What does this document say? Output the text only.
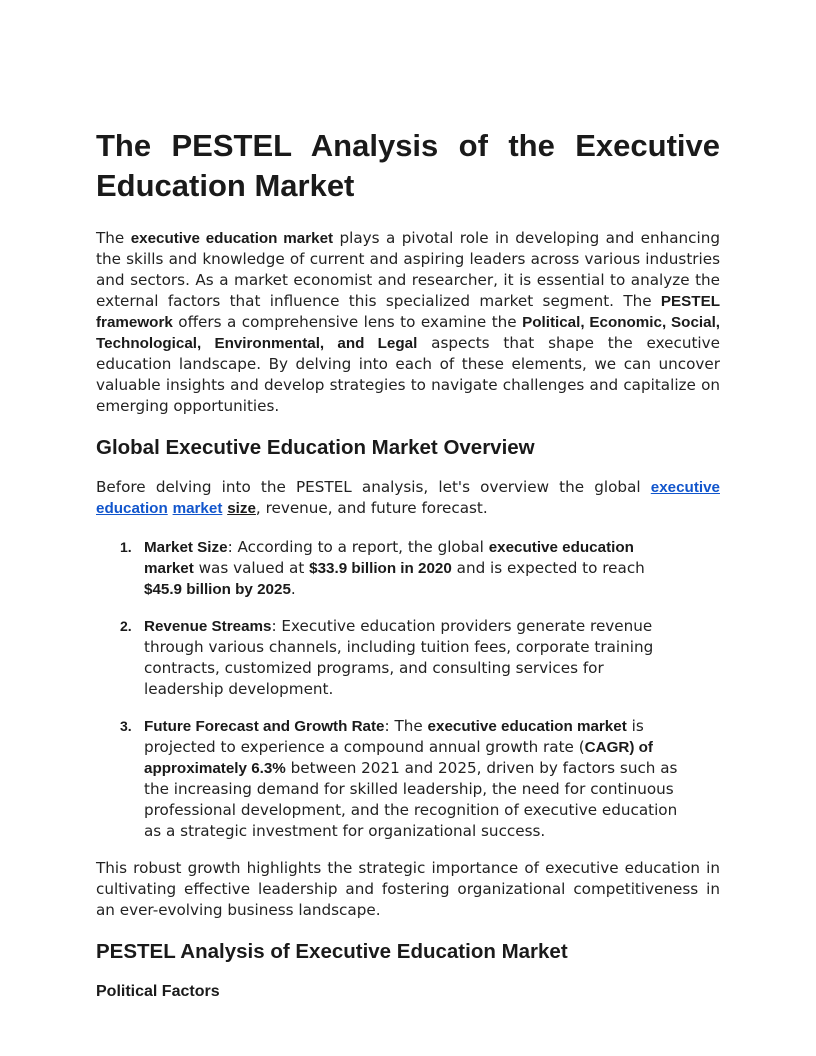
The PESTEL Analysis of the Executive
Education Market

The executive education market plays a pivotal role in developing and enhancing the skills and knowledge of current and aspiring leaders across various industries and sectors. As a market economist and researcher, it is essential to analyze the external factors that influence this specialized market segment. The PESTEL framework offers a comprehensive lens to examine the Political, Economic, Social, Technological, Environmental, and Legal aspects that shape the executive education landscape. By delving into each of these elements, we can uncover valuable insights and develop strategies to navigate challenges and capitalize on emerging opportunities.

Global Executive Education Market Overview

Before delving into the PESTEL analysis, let's overview the global executive education market size, revenue, and future forecast.

1. Market Size: According to a report, the global executive education market was valued at $33.9 billion in 2020 and is expected to reach $45.9 billion by 2025.
2. Revenue Streams: Executive education providers generate revenue through various channels, including tuition fees, corporate training contracts, customized programs, and consulting services for leadership development.
3. Future Forecast and Growth Rate: The executive education market is projected to experience a compound annual growth rate (CAGR) of approximately 6.3% between 2021 and 2025, driven by factors such as the increasing demand for skilled leadership, the need for continuous professional development, and the recognition of executive education as a strategic investment for organizational success.

This robust growth highlights the strategic importance of executive education in cultivating effective leadership and fostering organizational competitiveness in an ever-evolving business landscape.

PESTEL Analysis of Executive Education Market
Political Factors
